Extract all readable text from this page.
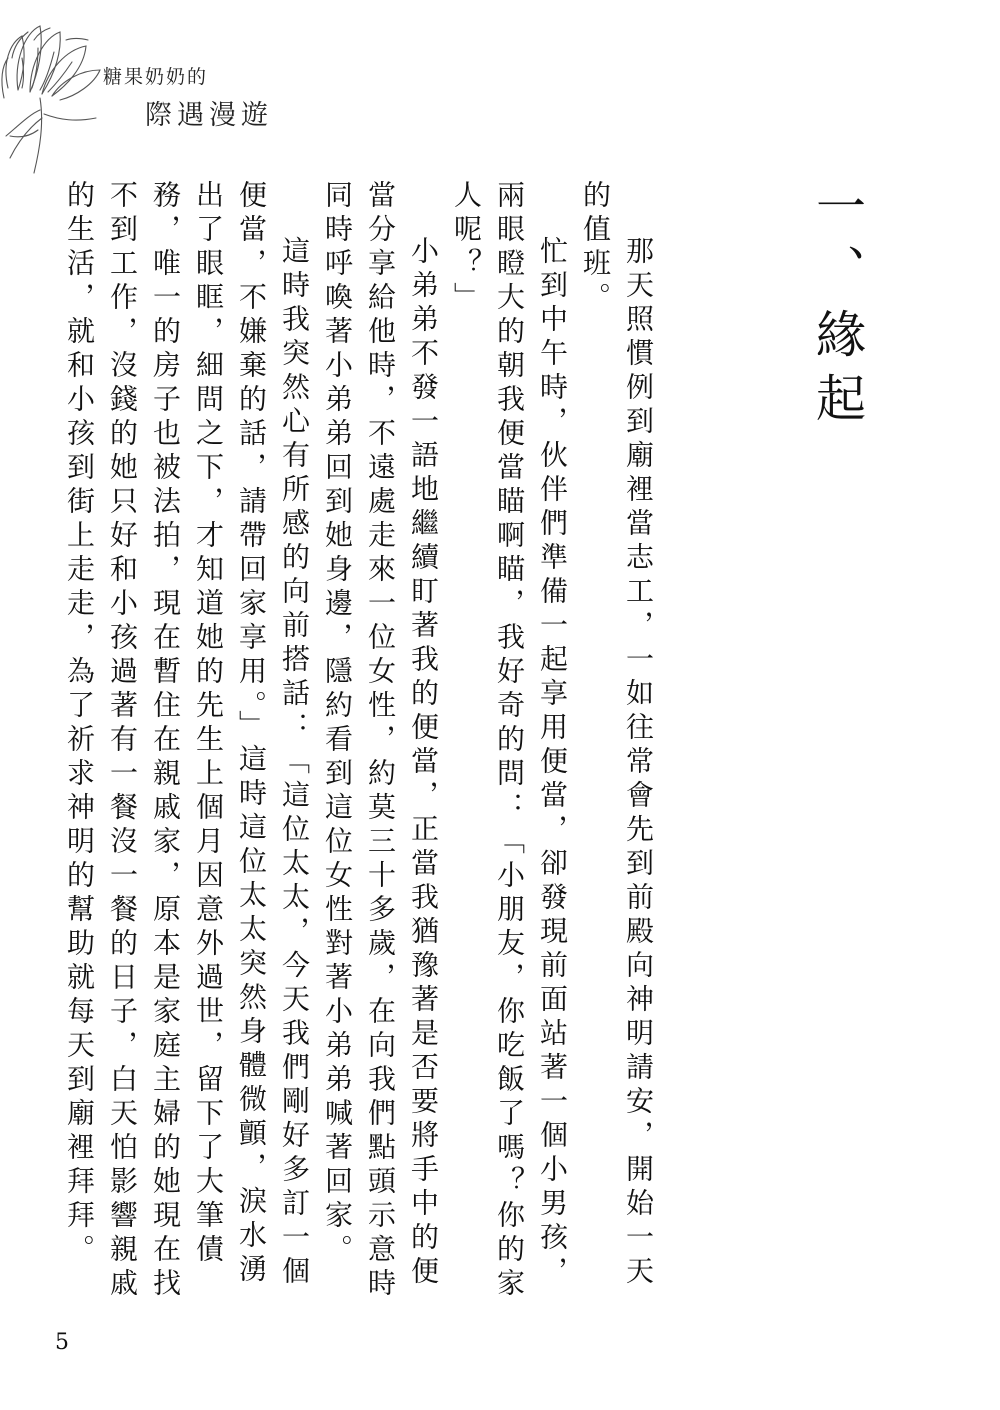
糖果奶奶的
際遇漫遊
一、緣起

那天照慣例到廟裡當志工，一如往常會先到前殿向神明請安，開始一天的值班。

忙到中午時，伙伴們準備一起享用便當，卻發現前面站著一個小男孩，兩眼瞪大的朝我便當瞄啊瞄，我好奇的問：「小朋友，你吃飯了嗎？你的家人呢？」

小弟弟不發一語地繼續盯著我的便當，正當我猶豫著是否要將手中的便當分享給他時，不遠處走來一位女性，約莫三十多歲，在向我們點頭示意時同時呼喚著小弟弟回到她身邊，隱約看到這位女性對著小弟弟喊著回家。

這時我突然心有所感的向前搭話：「這位太太，今天我們剛好多訂一個便當，不嫌棄的話，請帶回家享用。」這時這位太太突然身體微顫，淚水湧出了眼眶，細問之下，才知道她的先生上個月因意外過世，留下了大筆債務，唯一的房子也被法拍，現在暫住在親戚家，原本是家庭主婦的她現在找不到工作，沒錢的她只好和小孩過著有一餐沒一餐的日子，白天怕影響親戚的生活，就和小孩到街上走走，為了祈求神明的幫助就每天到廟裡拜拜。

5
